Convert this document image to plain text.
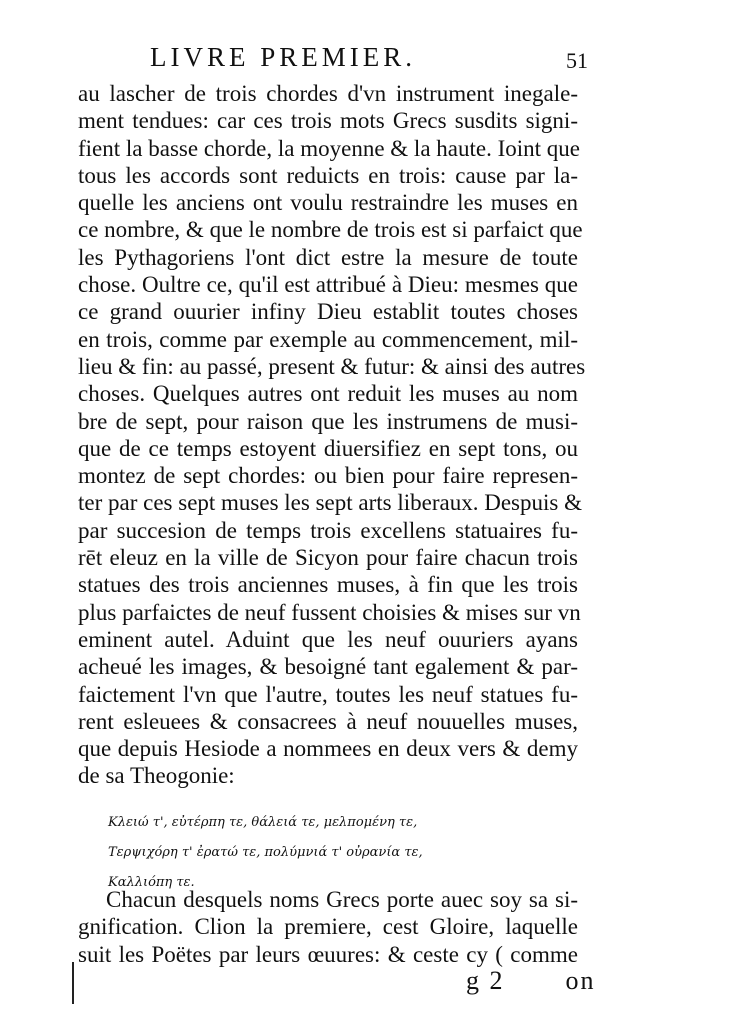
LIVRE PREMIER.	51
au lascher de trois chordes d'vn instrument inegale-
ment tendues: car ces trois mots Grecs susdits signi-
fient la basse chorde, la moyenne & la haute. Ioint que
tous les accords sont reduicts en trois: cause par la-
quelle les anciens ont voulu restraindre les muses en
ce nombre, & que le nombre de trois est si parfaict que
les Pythagoriens l'ont dict estre la mesure de toute
chose. Oultre ce, qu'il est attribué à Dieu: mesmes que
ce grand ouurier infiny Dieu establit toutes choses
en trois, comme par exemple au commencement, mil-
lieu & fin: au passé, present & futur: & ainsi des autres
choses. Quelques autres ont reduit les muses au nom
bre de sept, pour raison que les instrumens de musi-
que de ce temps estoyent diuersifiez en sept tons, ou
montez de sept chordes: ou bien pour faire represen-
ter par ces sept muses les sept arts liberaux. Despuis &
par succesion de temps trois excellens statuaires fu-
rēt eleuz en la ville de Sicyon pour faire chacun trois
statues des trois anciennes muses, à fin que les trois
plus parfaictes de neuf fussent choisies & mises sur vn
eminent autel. Aduint que les neuf ouuriers ayans
acheué les images, & besoigné tant egalement & par-
faictement l'vn que l'autre, toutes les neuf statues fu-
rent esleuees & consacrees à neuf nouuelles muses,
que depuis Hesiode a nommees en deux vers & demy
de sa Theogonie:
Κλειώ τ', εὐτέρπη τε, θάλειά τε, μελπομένη τε,
Τερψιχόρη τ' ἐρατώ τε, πολύμνιά τ' οὐρανία τε,
Καλλιόπη τε.
Chacun desquels noms Grecs porte auec soy sa si-
gnification. Clion la premiere, cest Gloire, laquelle
suit les Poëtes par leurs œuures: & ceste cy ( comme
g 2 on
